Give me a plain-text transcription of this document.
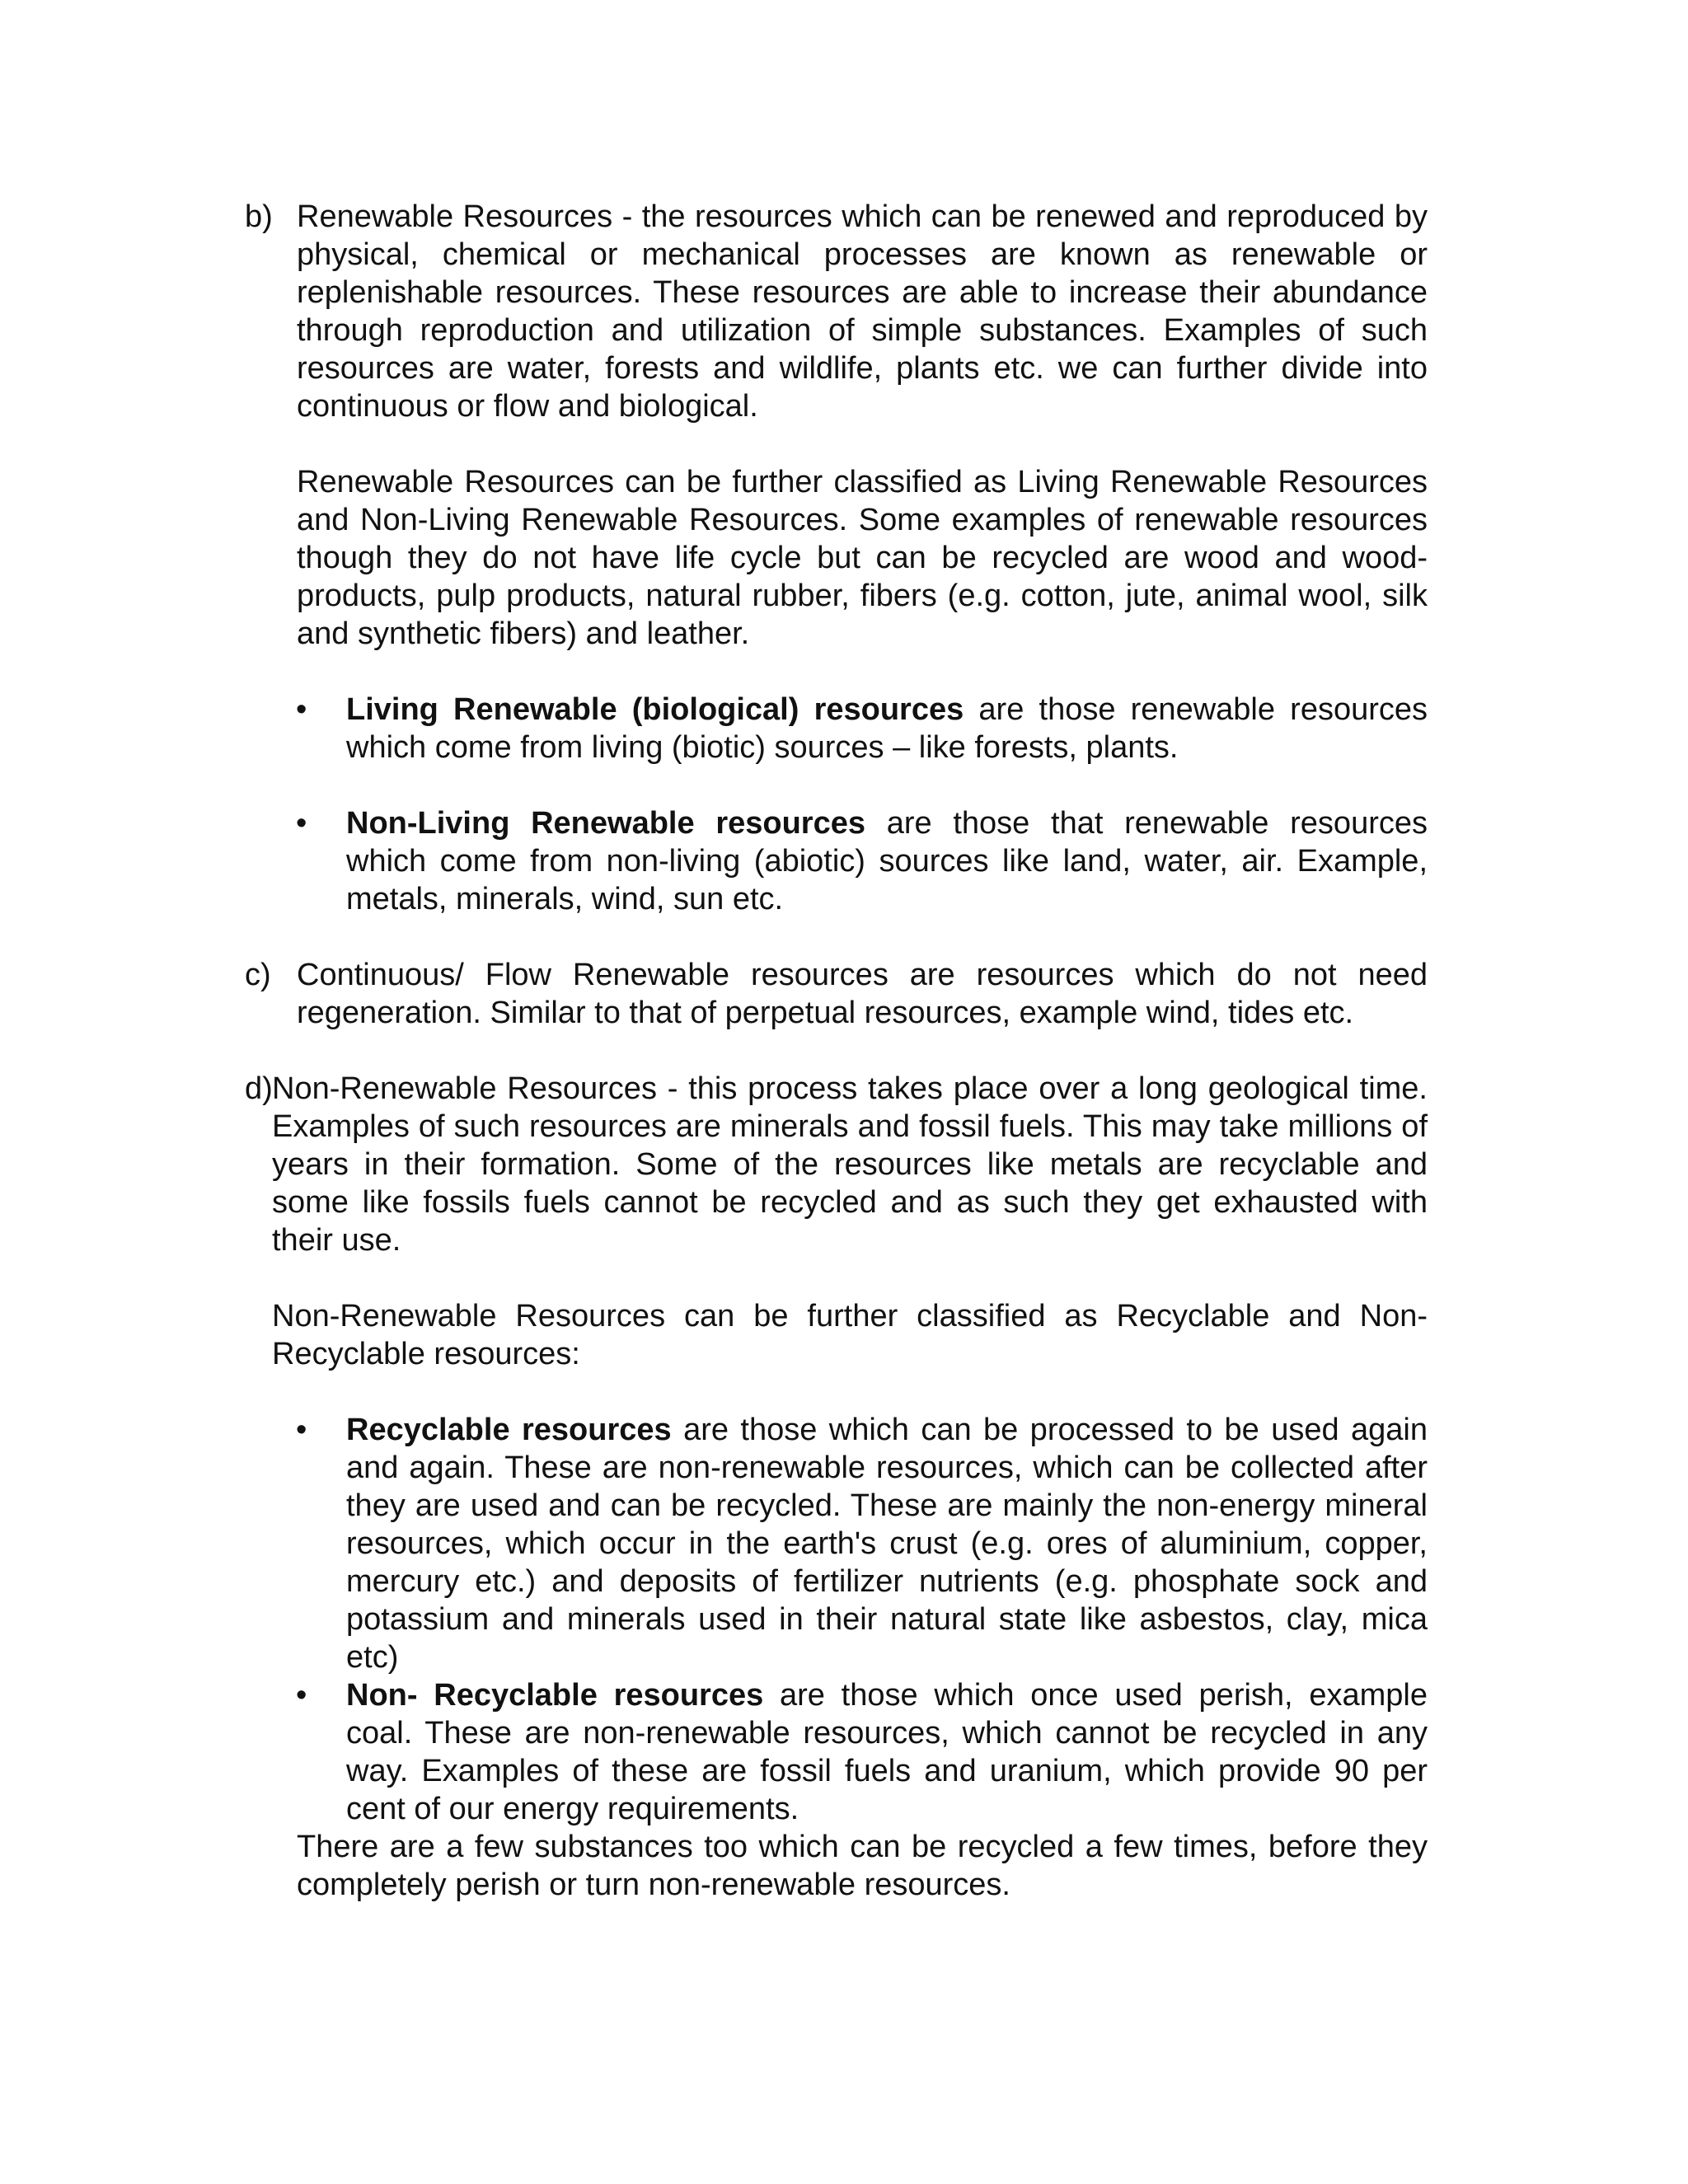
b) Renewable Resources - the resources which can be renewed and reproduced by physical, chemical or mechanical processes are known as renewable or replenishable resources. These resources are able to increase their abundance through reproduction and utilization of simple substances. Examples of such resources are water, forests and wildlife, plants etc. we can further divide into continuous or flow and biological.

Renewable Resources can be further classified as Living Renewable Resources and Non-Living Renewable Resources. Some examples of renewable resources though they do not have life cycle but can be recycled are wood and wood-products, pulp products, natural rubber, fibers (e.g. cotton, jute, animal wool, silk and synthetic fibers) and leather.

•	Living Renewable (biological) resources are those renewable resources which come from living (biotic) sources – like forests, plants.
•	Non-Living Renewable resources are those that renewable resources which come from non-living (abiotic) sources like land, water, air. Example, metals, minerals, wind, sun etc.
c) Continuous/ Flow Renewable resources are resources which do not need regeneration. Similar to that of perpetual resources, example wind, tides etc.
d) Non-Renewable Resources - this process takes place over a long geological time. Examples of such resources are minerals and fossil fuels. This may take millions of years in their formation. Some of the resources like metals are recyclable and some like fossils fuels cannot be recycled and as such they get exhausted with their use.

Non-Renewable Resources can be further classified as Recyclable and Non-Recyclable resources:

•	Recyclable resources are those which can be processed to be used again and again. These are non-renewable resources, which can be collected after they are used and can be recycled. These are mainly the non-energy mineral resources, which occur in the earth's crust (e.g. ores of aluminium, copper, mercury etc.) and deposits of fertilizer nutrients (e.g. phosphate sock and potassium and minerals used in their natural state like asbestos, clay, mica etc)
•	Non- Recyclable resources are those which once used perish, example coal. These are non-renewable resources, which cannot be recycled in any way. Examples of these are fossil fuels and uranium, which provide 90 per cent of our energy requirements.

There are a few substances too which can be recycled a few times, before they completely perish or turn non-renewable resources.
